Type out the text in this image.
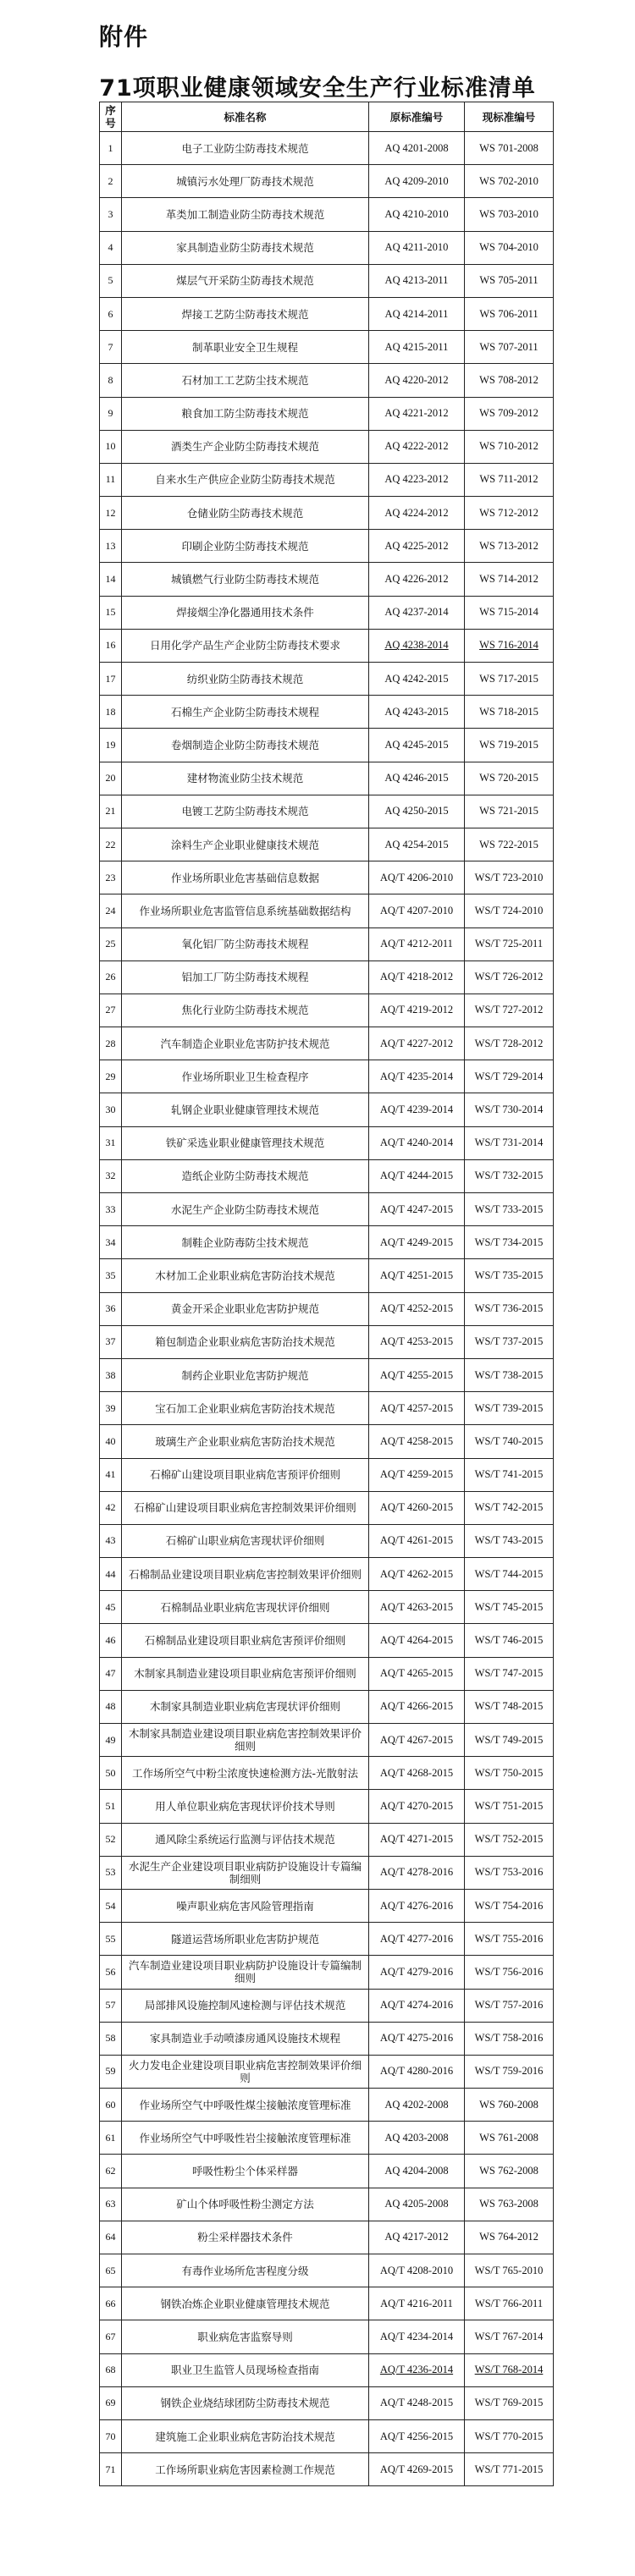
附件
71项职业健康领域安全生产行业标准清单
序号	标准名称	原标准编号	现标准编号
1	电子工业防尘防毒技术规范	AQ 4201-2008	WS 701-2008
2	城镇污水处理厂防毒技术规范	AQ 4209-2010	WS 702-2010
3	革类加工制造业防尘防毒技术规范	AQ 4210-2010	WS 703-2010
4	家具制造业防尘防毒技术规范	AQ 4211-2010	WS 704-2010
5	煤层气开采防尘防毒技术规范	AQ 4213-2011	WS 705-2011
6	焊接工艺防尘防毒技术规范	AQ 4214-2011	WS 706-2011
7	制革职业安全卫生规程	AQ 4215-2011	WS 707-2011
8	石材加工工艺防尘技术规范	AQ 4220-2012	WS 708-2012
9	粮食加工防尘防毒技术规范	AQ 4221-2012	WS 709-2012
10	酒类生产企业防尘防毒技术规范	AQ 4222-2012	WS 710-2012
11	自来水生产供应企业防尘防毒技术规范	AQ 4223-2012	WS 711-2012
12	仓储业防尘防毒技术规范	AQ 4224-2012	WS 712-2012
13	印刷企业防尘防毒技术规范	AQ 4225-2012	WS 713-2012
14	城镇燃气行业防尘防毒技术规范	AQ 4226-2012	WS 714-2012
15	焊接烟尘净化器通用技术条件	AQ 4237-2014	WS 715-2014
16	日用化学产品生产企业防尘防毒技术要求	AQ 4238-2014	WS 716-2014
17	纺织业防尘防毒技术规范	AQ 4242-2015	WS 717-2015
18	石棉生产企业防尘防毒技术规程	AQ 4243-2015	WS 718-2015
19	卷烟制造企业防尘防毒技术规范	AQ 4245-2015	WS 719-2015
20	建材物流业防尘技术规范	AQ 4246-2015	WS 720-2015
21	电镀工艺防尘防毒技术规范	AQ 4250-2015	WS 721-2015
22	涂料生产企业职业健康技术规范	AQ 4254-2015	WS 722-2015
23	作业场所职业危害基础信息数据	AQ/T 4206-2010	WS/T 723-2010
24	作业场所职业危害监管信息系统基础数据结构	AQ/T 4207-2010	WS/T 724-2010
25	氧化铝厂防尘防毒技术规程	AQ/T 4212-2011	WS/T 725-2011
26	铝加工厂防尘防毒技术规程	AQ/T 4218-2012	WS/T 726-2012
27	焦化行业防尘防毒技术规范	AQ/T 4219-2012	WS/T 727-2012
28	汽车制造企业职业危害防护技术规范	AQ/T 4227-2012	WS/T 728-2012
29	作业场所职业卫生检查程序	AQ/T 4235-2014	WS/T 729-2014
30	轧钢企业职业健康管理技术规范	AQ/T 4239-2014	WS/T 730-2014
31	铁矿采选业职业健康管理技术规范	AQ/T 4240-2014	WS/T 731-2014
32	造纸企业防尘防毒技术规范	AQ/T 4244-2015	WS/T 732-2015
33	水泥生产企业防尘防毒技术规范	AQ/T 4247-2015	WS/T 733-2015
34	制鞋企业防毒防尘技术规范	AQ/T 4249-2015	WS/T 734-2015
35	木材加工企业职业病危害防治技术规范	AQ/T 4251-2015	WS/T 735-2015
36	黄金开采企业职业危害防护规范	AQ/T 4252-2015	WS/T 736-2015
37	箱包制造企业职业病危害防治技术规范	AQ/T 4253-2015	WS/T 737-2015
38	制药企业职业危害防护规范	AQ/T 4255-2015	WS/T 738-2015
39	宝石加工企业职业病危害防治技术规范	AQ/T 4257-2015	WS/T 739-2015
40	玻璃生产企业职业病危害防治技术规范	AQ/T 4258-2015	WS/T 740-2015
41	石棉矿山建设项目职业病危害预评价细则	AQ/T 4259-2015	WS/T 741-2015
42	石棉矿山建设项目职业病危害控制效果评价细则	AQ/T 4260-2015	WS/T 742-2015
43	石棉矿山职业病危害现状评价细则	AQ/T 4261-2015	WS/T 743-2015
44	石棉制品业建设项目职业病危害控制效果评价细则	AQ/T 4262-2015	WS/T 744-2015
45	石棉制品业职业病危害现状评价细则	AQ/T 4263-2015	WS/T 745-2015
46	石棉制品业建设项目职业病危害预评价细则	AQ/T 4264-2015	WS/T 746-2015
47	木制家具制造业建设项目职业病危害预评价细则	AQ/T 4265-2015	WS/T 747-2015
48	木制家具制造业职业病危害现状评价细则	AQ/T 4266-2015	WS/T 748-2015
49	木制家具制造业建设项目职业病危害控制效果评价细则	AQ/T 4267-2015	WS/T 749-2015
50	工作场所空气中粉尘浓度快速检测方法-光散射法	AQ/T 4268-2015	WS/T 750-2015
51	用人单位职业病危害现状评价技术导则	AQ/T 4270-2015	WS/T 751-2015
52	通风除尘系统运行监测与评估技术规范	AQ/T 4271-2015	WS/T 752-2015
53	水泥生产企业建设项目职业病防护设施设计专篇编制细则	AQ/T 4278-2016	WS/T 753-2016
54	噪声职业病危害风险管理指南	AQ/T 4276-2016	WS/T 754-2016
55	隧道运营场所职业危害防护规范	AQ/T 4277-2016	WS/T 755-2016
56	汽车制造业建设项目职业病防护设施设计专篇编制细则	AQ/T 4279-2016	WS/T 756-2016
57	局部排风设施控制风速检测与评估技术规范	AQ/T 4274-2016	WS/T 757-2016
58	家具制造业手动喷漆房通风设施技术规程	AQ/T 4275-2016	WS/T 758-2016
59	火力发电企业建设项目职业病危害控制效果评价细则	AQ/T 4280-2016	WS/T 759-2016
60	作业场所空气中呼吸性煤尘接触浓度管理标准	AQ 4202-2008	WS 760-2008
61	作业场所空气中呼吸性岩尘接触浓度管理标准	AQ 4203-2008	WS 761-2008
62	呼吸性粉尘个体采样器	AQ 4204-2008	WS 762-2008
63	矿山个体呼吸性粉尘测定方法	AQ 4205-2008	WS 763-2008
64	粉尘采样器技术条件	AQ 4217-2012	WS 764-2012
65	有毒作业场所危害程度分级	AQ/T 4208-2010	WS/T 765-2010
66	钢铁冶炼企业职业健康管理技术规范	AQ/T 4216-2011	WS/T 766-2011
67	职业病危害监察导则	AQ/T 4234-2014	WS/T 767-2014
68	职业卫生监管人员现场检查指南	AQ/T 4236-2014	WS/T 768-2014
69	钢铁企业烧结球团防尘防毒技术规范	AQ/T 4248-2015	WS/T 769-2015
70	建筑施工企业职业病危害防治技术规范	AQ/T 4256-2015	WS/T 770-2015
71	工作场所职业病危害因素检测工作规范	AQ/T 4269-2015	WS/T 771-2015
